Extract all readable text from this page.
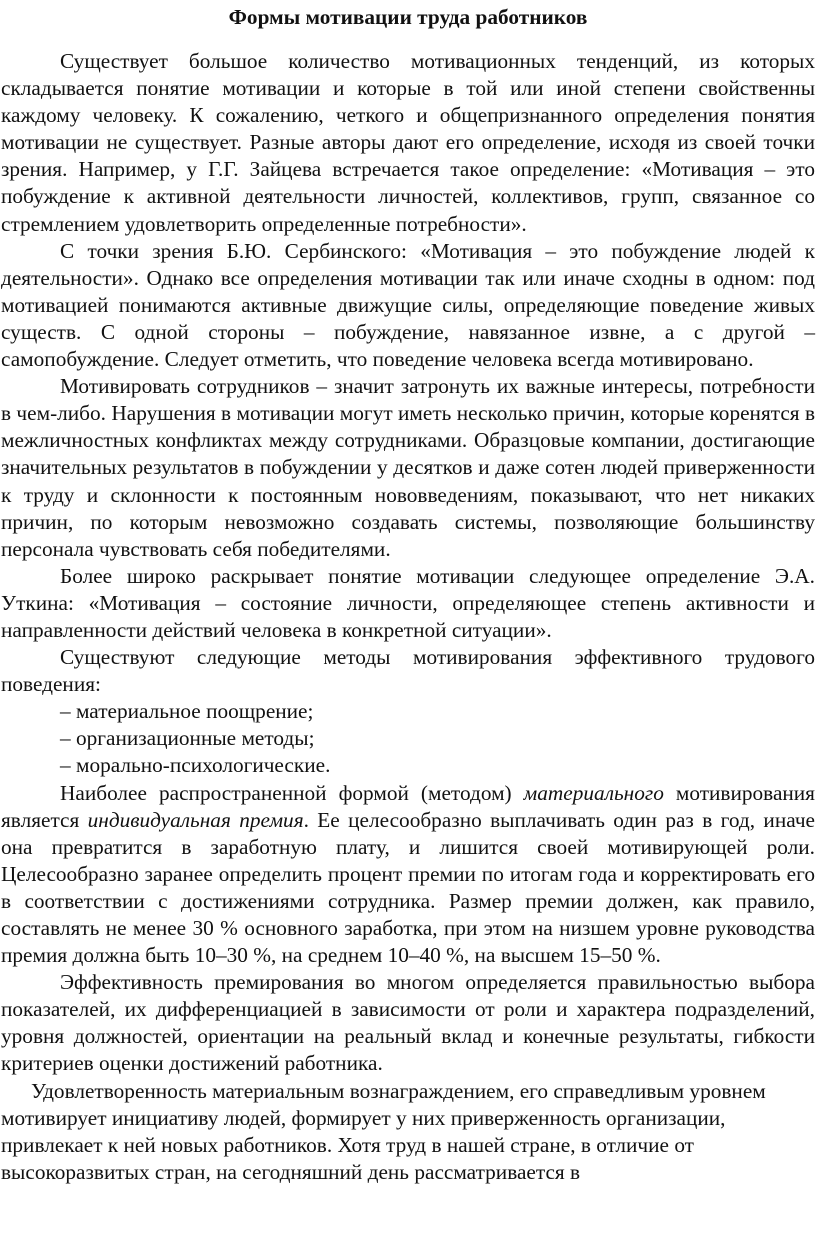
Формы мотивации труда работников

Существует большое количество мотивационных тенденций, из которых складывается понятие мотивации и которые в той или иной степени свойственны каждому человеку. К сожалению, четкого и общепризнанного определения понятия мотивации не существует. Разные авторы дают его определение, исходя из своей точки зрения. Например, у Г.Г. Зайцева встречается такое определение: «Мотивация – это побуждение к активной деятельности личностей, коллективов, групп, связанное со стремлением удовлетворить определенные потребности».

С точки зрения Б.Ю. Сербинского: «Мотивация – это побуждение людей к деятельности». Однако все определения мотивации так или иначе сходны в одном: под мотивацией понимаются активные движущие силы, определяющие поведение живых существ. С одной стороны – побуждение, навязанное извне, а с другой – самопобуждение. Следует отметить, что поведение человека всегда мотивировано.

Мотивировать сотрудников – значит затронуть их важные интересы, потребности в чем-либо. Нарушения в мотивации могут иметь несколько причин, которые коренятся в межличностных конфликтах между сотрудниками. Образцовые компании, достигающие значительных результатов в побуждении у десятков и даже сотен людей приверженности к труду и склонности к постоянным нововведениям, показывают, что нет никаких причин, по которым невозможно создавать системы, позволяющие большинству персонала чувствовать себя победителями.

Более широко раскрывает понятие мотивации следующее определение Э.А. Уткина: «Мотивация – состояние личности, определяющее степень активности и направленности действий человека в конкретной ситуации».

Существуют следующие методы мотивирования эффективного трудового поведения:

– материальное поощрение;

– организационные методы;

– морально-психологические.

Наиболее распространенной формой (методом) материального мотивирования является индивидуальная премия. Ее целесообразно выплачивать один раз в год, иначе она превратится в заработную плату, и лишится своей мотивирующей роли. Целесообразно заранее определить процент премии по итогам года и корректировать его в соответствии с достижениями сотрудника. Размер премии должен, как правило, составлять не менее 30 % основного заработка, при этом на низшем уровне руководства премия должна быть 10–30 %, на среднем 10–40 %, на высшем 15–50 %.

Эффективность премирования во многом определяется правильностью выбора показателей, их дифференциацией в зависимости от роли и характера подразделений, уровня должностей, ориентации на реальный вклад и конечные результаты, гибкости критериев оценки достижений работника.

Удовлетворенность материальным вознаграждением, его справедливым уровнем мотивирует инициативу людей, формирует у них приверженность организации, привлекает к ней новых работников. Хотя труд в нашей стране, в отличие от высокоразвитых стран, на сегодняшний день рассматривается в
